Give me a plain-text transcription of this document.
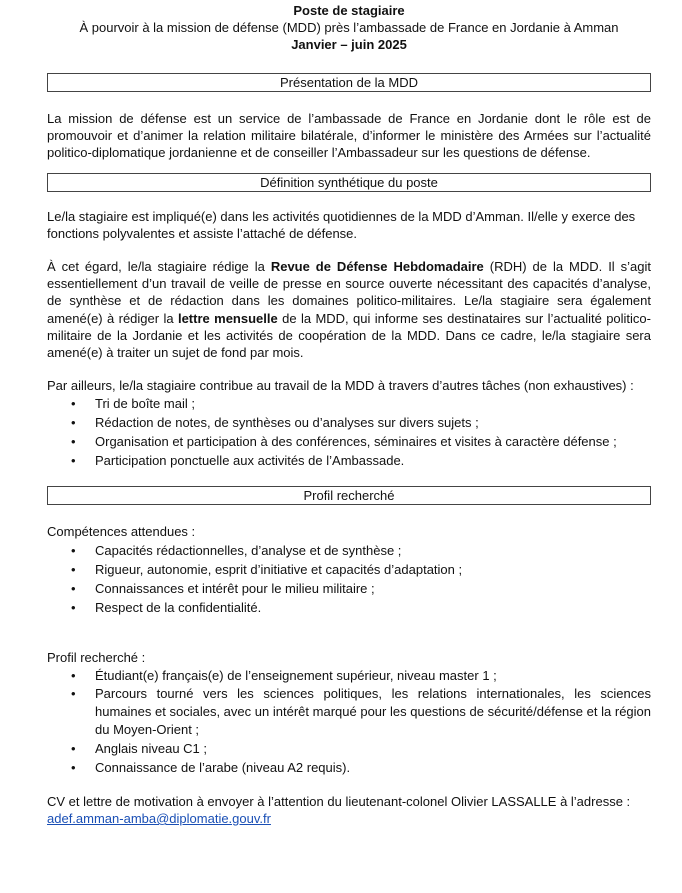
Poste de stagiaire
À pourvoir à la mission de défense (MDD) près l’ambassade de France en Jordanie à Amman
Janvier – juin 2025
Présentation de la MDD

La mission de défense est un service de l’ambassade de France en Jordanie dont le rôle est de promouvoir et d’animer la relation militaire bilatérale, d’informer le ministère des Armées sur l’actualité politico-diplomatique jordanienne et de conseiller l’Ambassadeur sur les questions de défense.

Définition synthétique du poste

Le/la stagiaire est impliqué(e) dans les activités quotidiennes de la MDD d’Amman. Il/elle y exerce des fonctions polyvalentes et assiste l’attaché de défense.

À cet égard, le/la stagiaire rédige la Revue de Défense Hebdomadaire (RDH) de la MDD. Il s’agit essentiellement d’un travail de veille de presse en source ouverte nécessitant des capacités d’analyse, de synthèse et de rédaction dans les domaines politico-militaires. Le/la stagiaire sera également amené(e) à rédiger la lettre mensuelle de la MDD, qui informe ses destinataires sur l’actualité politico-militaire de la Jordanie et les activités de coopération de la MDD. Dans ce cadre, le/la stagiaire sera amené(e) à traiter un sujet de fond par mois.

Par ailleurs, le/la stagiaire contribue au travail de la MDD à travers d’autres tâches (non exhaustives) :

• Tri de boîte mail ;
• Rédaction de notes, de synthèses ou d’analyses sur divers sujets ;
• Organisation et participation à des conférences, séminaires et visites à caractère défense ;
• Participation ponctuelle aux activités de l’Ambassade.
Profil recherché

Compétences attendues :

• Capacités rédactionnelles, d’analyse et de synthèse ;
• Rigueur, autonomie, esprit d’initiative et capacités d’adaptation ;
• Connaissances et intérêt pour le milieu militaire ;
• Respect de la confidentialité.

Profil recherché :

• Étudiant(e) français(e) de l’enseignement supérieur, niveau master 1 ;
• Parcours tourné vers les sciences politiques, les relations internationales, les sciences humaines et sociales, avec un intérêt marqué pour les questions de sécurité/défense et la région du Moyen-Orient ;
• Anglais niveau C1 ;
• Connaissance de l’arabe (niveau A2 requis).

CV et lettre de motivation à envoyer à l’attention du lieutenant-colonel Olivier LASSALLE à l’adresse :

adef.amman-amba@diplomatie.gouv.fr
